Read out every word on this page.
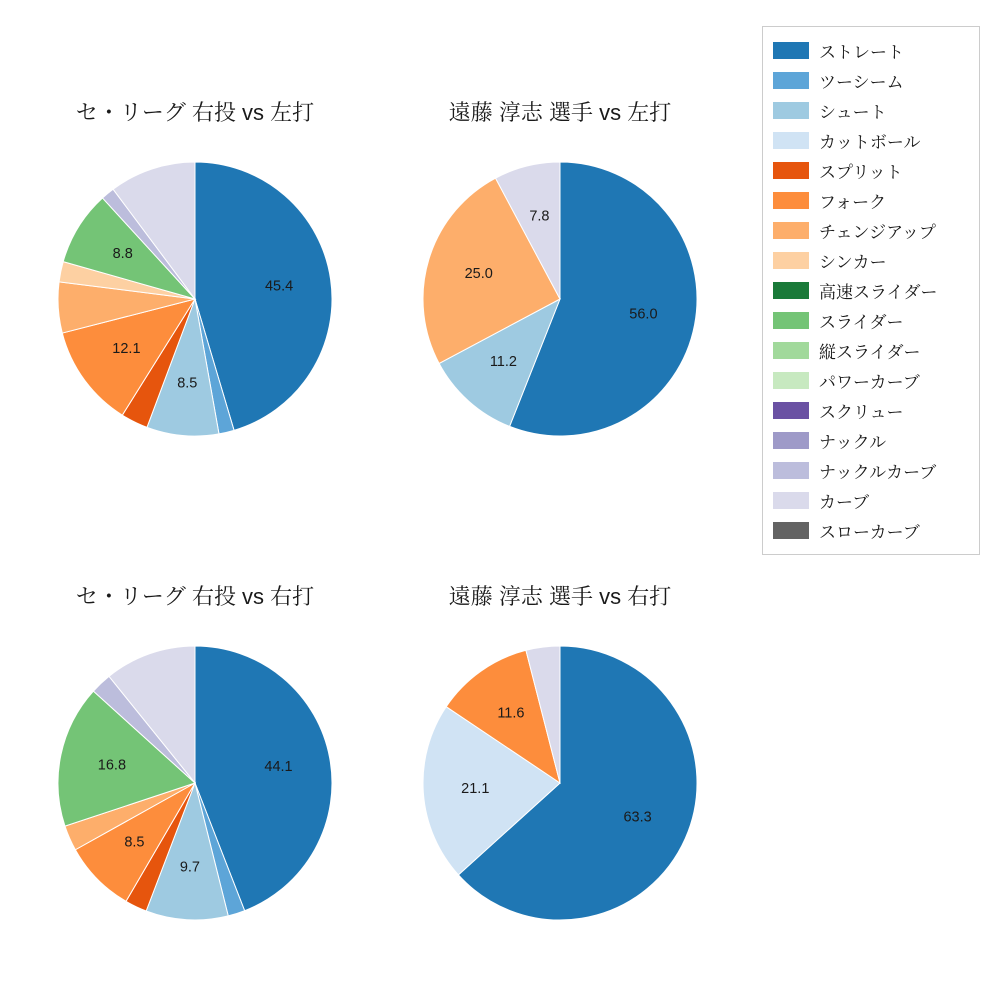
セ・リーグ 右投 vs 左打
45.4
8.5
12.1
8.8
遠藤 淳志 選手 vs 左打
56.0
11.2
25.0
7.8
セ・リーグ 右投 vs 右打
44.1
9.7
8.5
16.8
遠藤 淳志 選手 vs 右打
63.3
21.1
11.6
ストレート
ツーシーム
シュート
カットボール
スプリット
フォーク
チェンジアップ
シンカー
高速スライダー
スライダー
縦スライダー
パワーカーブ
スクリュー
ナックル
ナックルカーブ
カーブ
スローカーブ
